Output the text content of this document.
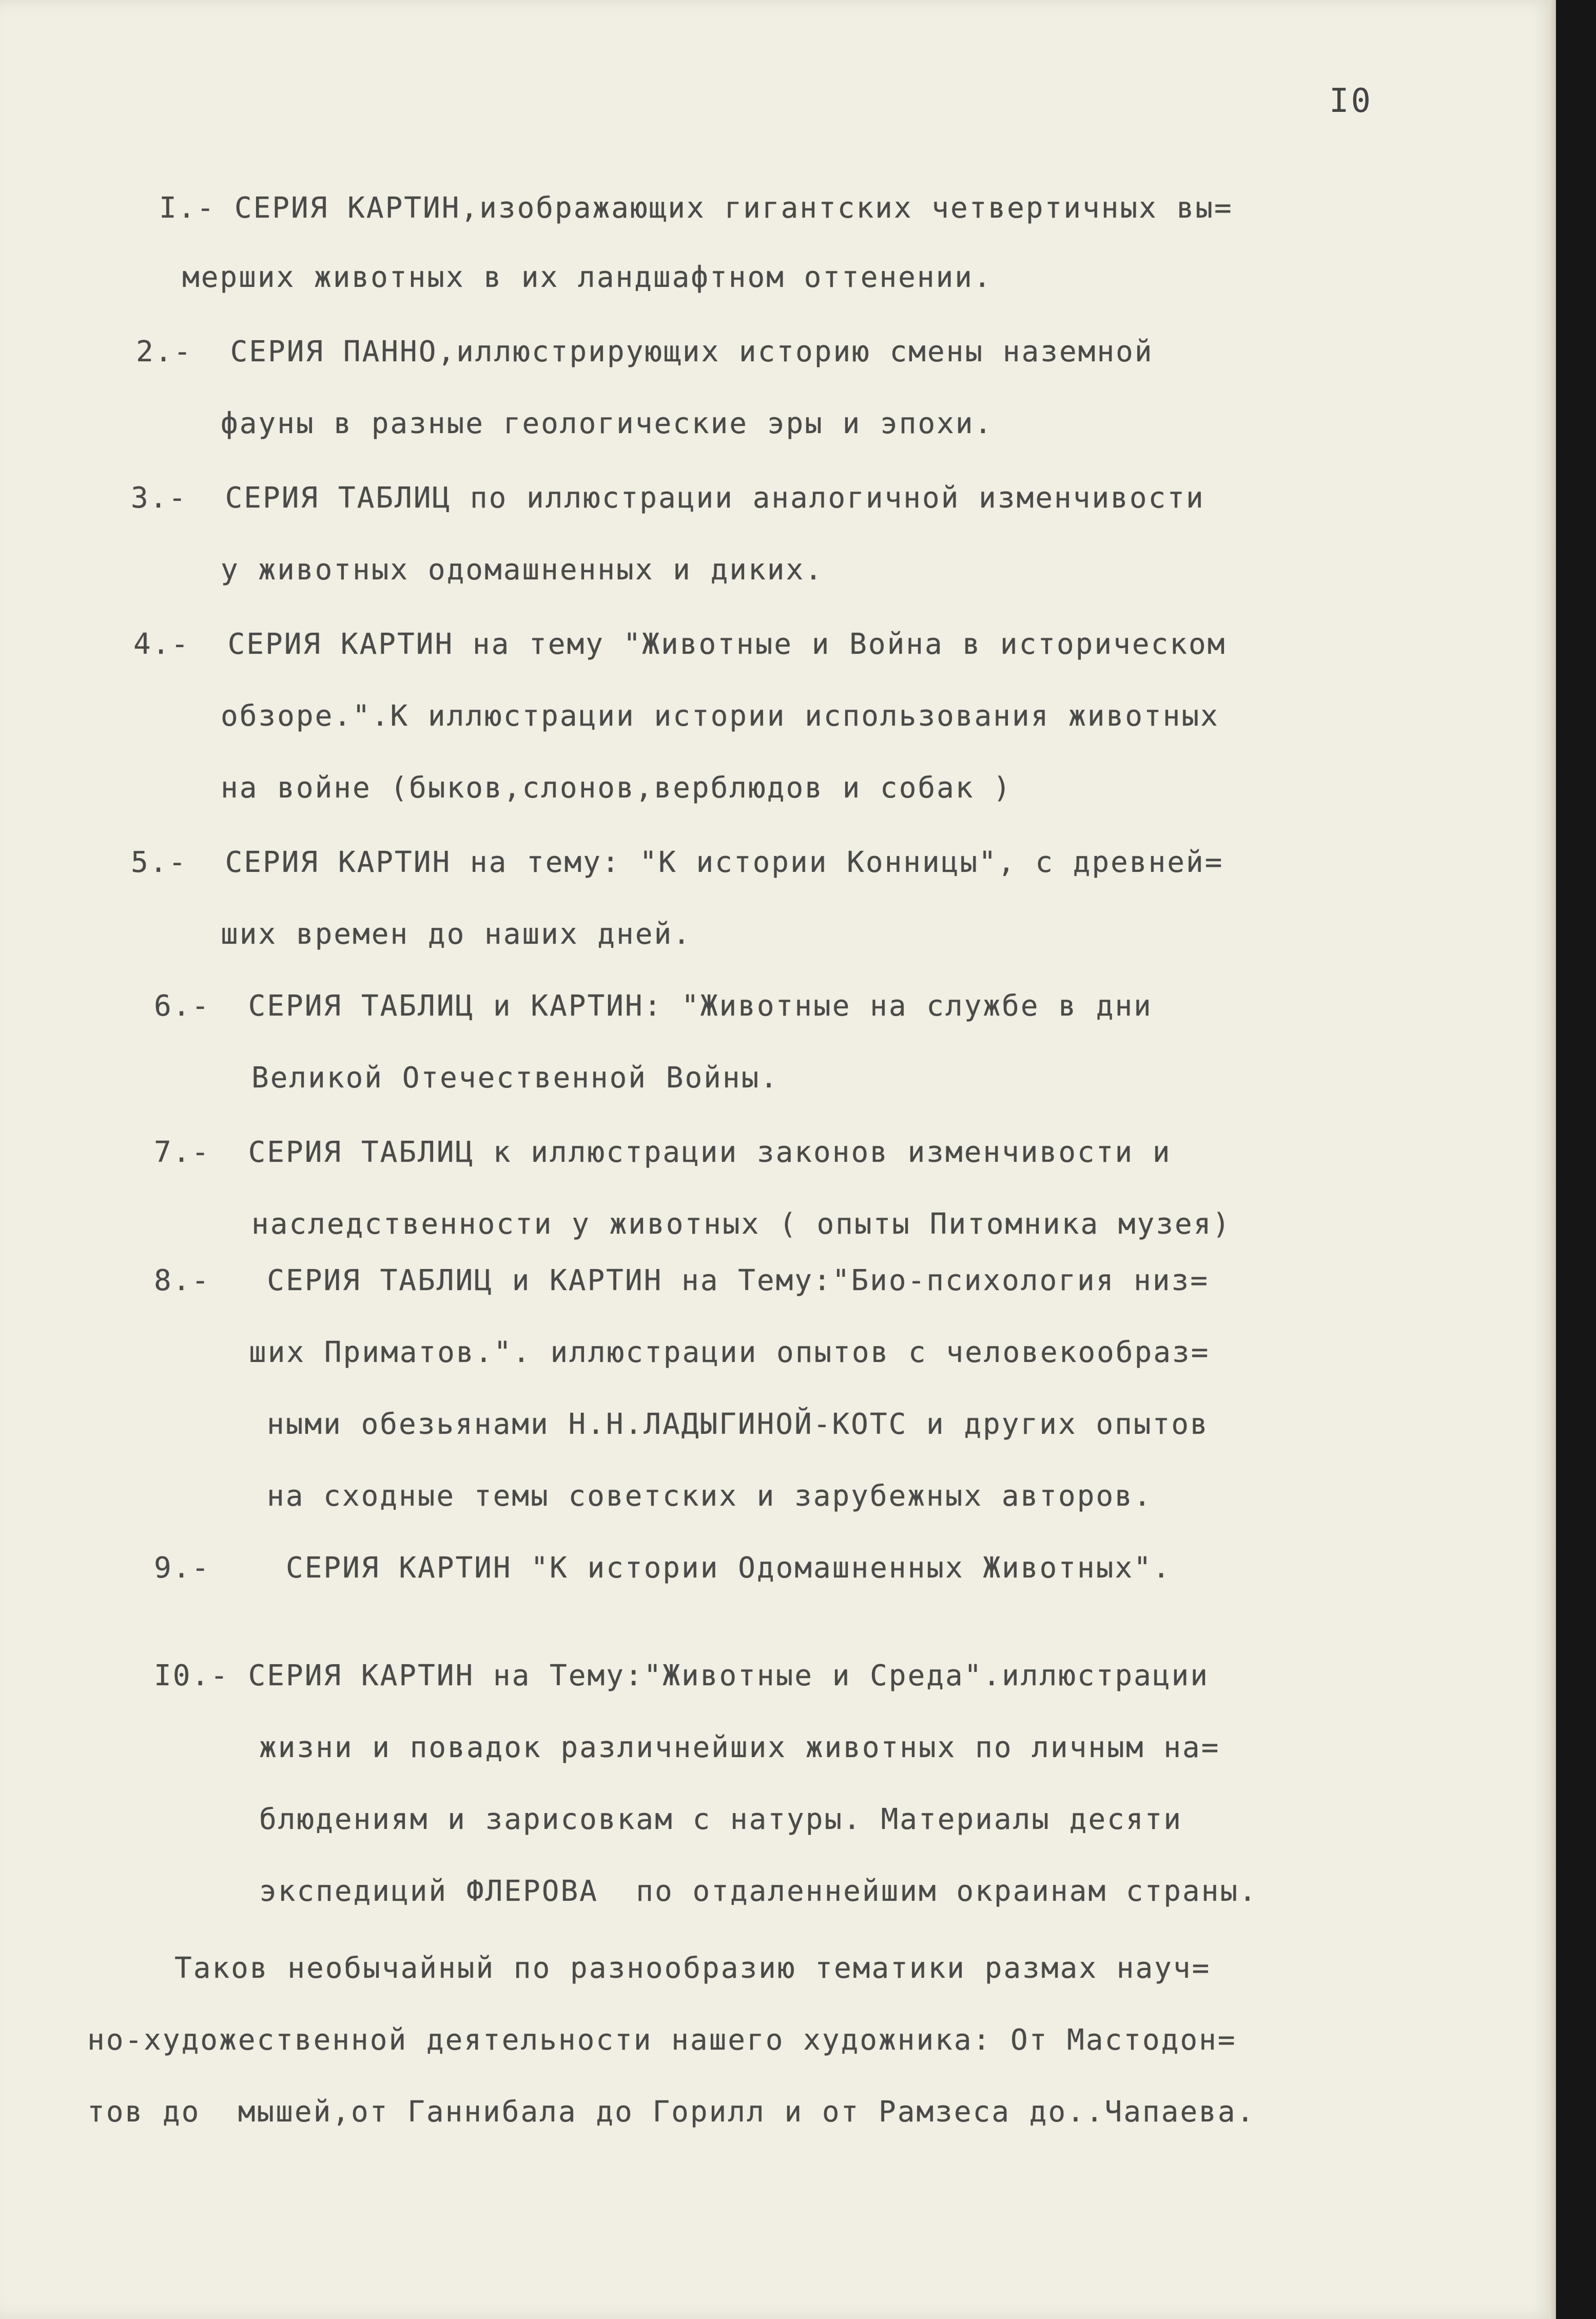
I0
I.- СЕРИЯ КАРТИН,изображающих гигантских четвертичных вы=
мерших животных в их ландшафтном оттенении.
2.-  СЕРИЯ ПАННО,иллюстрирующих историю смены наземной
фауны в разные геологические эры и эпохи.
3.-  СЕРИЯ ТАБЛИЦ по иллюстрации аналогичной изменчивости
у животных одомашненных и диких.
4.-  СЕРИЯ КАРТИН на тему "Животные и Война в историческом
обзоре.".К иллюстрации истории использования животных
на войне (быков,слонов,верблюдов и собак )
5.-  СЕРИЯ КАРТИН на тему: "К истории Конницы", с древней=
ших времен до наших дней.
6.-  СЕРИЯ ТАБЛИЦ и КАРТИН: "Животные на службе в дни
Великой Отечественной Войны.
7.-  СЕРИЯ ТАБЛИЦ к иллюстрации законов изменчивости и
наследственности у животных ( опыты Питомника музея)
8.-   СЕРИЯ ТАБЛИЦ и КАРТИН на Тему:"Био-психология низ=
ших Приматов.". иллюстрации опытов с человекообраз=
ными обезьянами Н.Н.ЛАДЫГИНОЙ-КОТС и других опытов
на сходные темы советских и зарубежных авторов.
9.-    СЕРИЯ КАРТИН "К истории Одомашненных Животных".
I0.- СЕРИЯ КАРТИН на Тему:"Животные и Среда".иллюстрации
жизни и повадок различнейших животных по личным на=
блюдениям и зарисовкам с натуры. Материалы десяти
экспедиций ФЛЕРОВА  по отдаленнейшим окраинам страны.
Таков необычайный по разнообразию тематики размах науч=
но-художественной деятельности нашего художника: От Мастодон=
тов до  мышей,от Ганнибала до Горилл и от Рамзеса до..Чапаева.
